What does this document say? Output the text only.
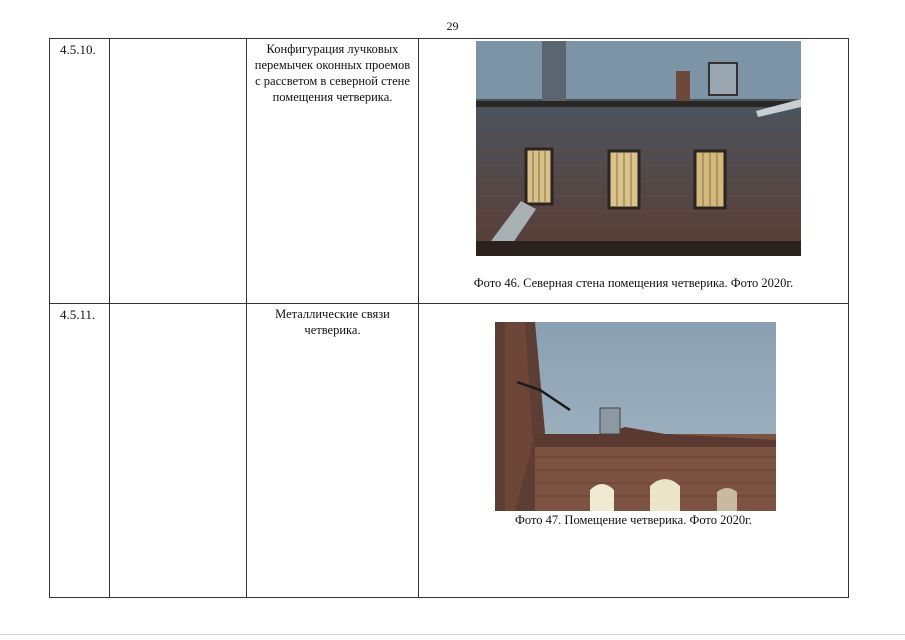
29
4.5.10.	Конфигурация лучковых перемычек оконных проемов с рассветом в северной стене помещения четверика.
Фото 46. Северная стена помещения четверика. Фото 2020г.
4.5.11.	Металлические связи четверика.
Фото 47. Помещение четверика. Фото 2020г.
